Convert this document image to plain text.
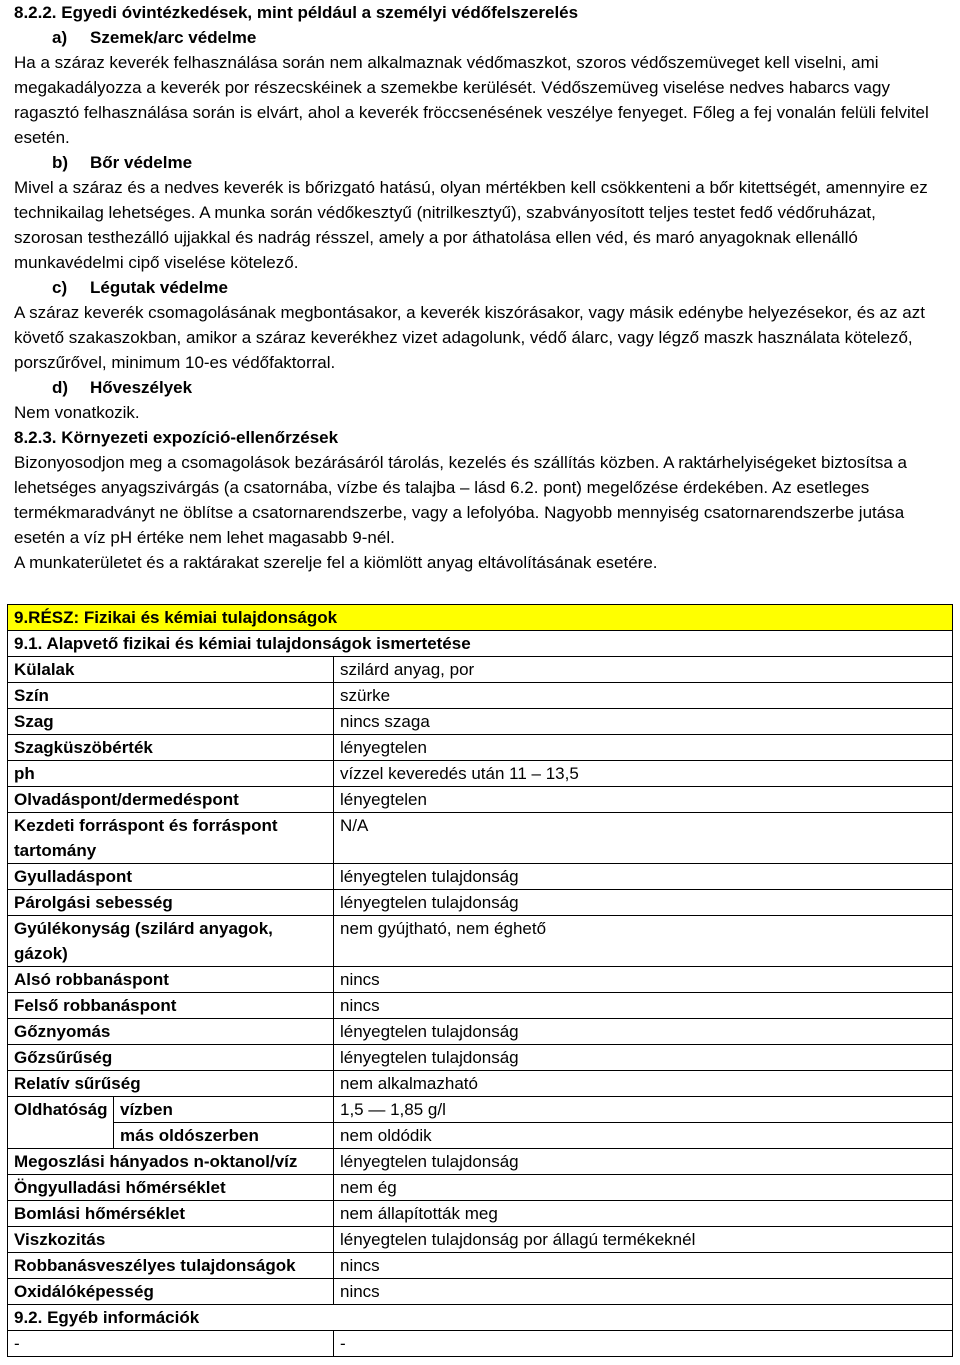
8.2.2. Egyedi óvintézkedések, mint például a személyi védőfelszerelés

a) Szemek/arc védelme

Ha a száraz keverék felhasználása során nem alkalmaznak védőmaszkot, szoros védőszemüveget kell viselni, ami megakadályozza a keverék por részecskéinek a szemekbe kerülését. Védőszemüveg viselése nedves habarcs vagy ragasztó felhasználása során is elvárt, ahol a keverék fröccsenésének veszélye fenyeget. Főleg a fej vonalán felüli felvitel esetén.

b) Bőr védelme

Mivel a száraz és a nedves keverék is bőrizgató hatású, olyan mértékben kell csökkenteni a bőr kitettségét, amennyire ez technikailag lehetséges. A munka során védőkesztyű (nitrilkesztyű), szabványosított teljes testet fedő védőruházat, szorosan testhezálló ujjakkal és nadrág résszel, amely a por áthatolása ellen véd, és maró anyagoknak ellenálló munkavédelmi cipő viselése kötelező.

c) Légutak védelme

A száraz keverék csomagolásának megbontásakor, a keverék kiszórásakor, vagy másik edénybe helyezésekor, és az azt követő szakaszokban, amikor a száraz keverékhez vizet adagolunk, védő álarc, vagy légző maszk használata kötelező, porszűrővel, minimum 10-es védőfaktorral.

d) Hőveszélyek

Nem vonatkozik.

8.2.3. Környezeti expozíció-ellenőrzések

Bizonyosodjon meg a csomagolások bezárásáról tárolás, kezelés és szállítás közben. A raktárhelyiségeket biztosítsa a lehetséges anyagszivárgás (a csatornába, vízbe és talajba – lásd 6.2. pont) megelőzése érdekében. Az esetleges termékmaradványt ne öblítse a csatornarendszerbe, vagy a lefolyóba. Nagyobb mennyiség csatornarendszerbe jutása esetén a víz pH értéke nem lehet magasabb 9-nél.

A munkaterületet és a raktárakat szerelje fel a kiömlött anyag eltávolításának esetére.

9.RÉSZ: Fizikai és kémiai tulajdonságok		
9.1. Alapvető fizikai és kémiai tulajdonságok ismertetése		
Külalak		szilárd anyag, por
Szín		szürke
Szag		nincs szaga
Szagküszöbérték		lényegtelen
ph		vízzel keveredés után 11 – 13,5
Olvadáspont/dermedéspont		lényegtelen
Kezdeti forráspont és forráspont tartomány		N/A
Gyulladáspont		lényegtelen tulajdonság
Párolgási sebesség		lényegtelen tulajdonság
Gyúlékonyság (szilárd anyagok, gázok)		nem gyújtható, nem éghető
Alsó robbanáspont		nincs
Felső robbanáspont		nincs
Gőznyomás		lényegtelen tulajdonság
Gőzsűrűség		lényegtelen tulajdonság
Relatív sűrűség		nem alkalmazható
Oldhatóság	vízben	1,5 — 1,85 g/l
	más oldószerben	nem oldódik
Megoszlási hányados n-oktanol/víz		lényegtelen tulajdonság
Öngyulladási hőmérséklet		nem ég
Bomlási hőmérséklet		nem állapították meg
Viszkozitás		lényegtelen tulajdonság por állagú termékeknél
Robbanásveszélyes tulajdonságok		nincs
Oxidálóképesség		nincs
9.2. Egyéb információk		
-		-
